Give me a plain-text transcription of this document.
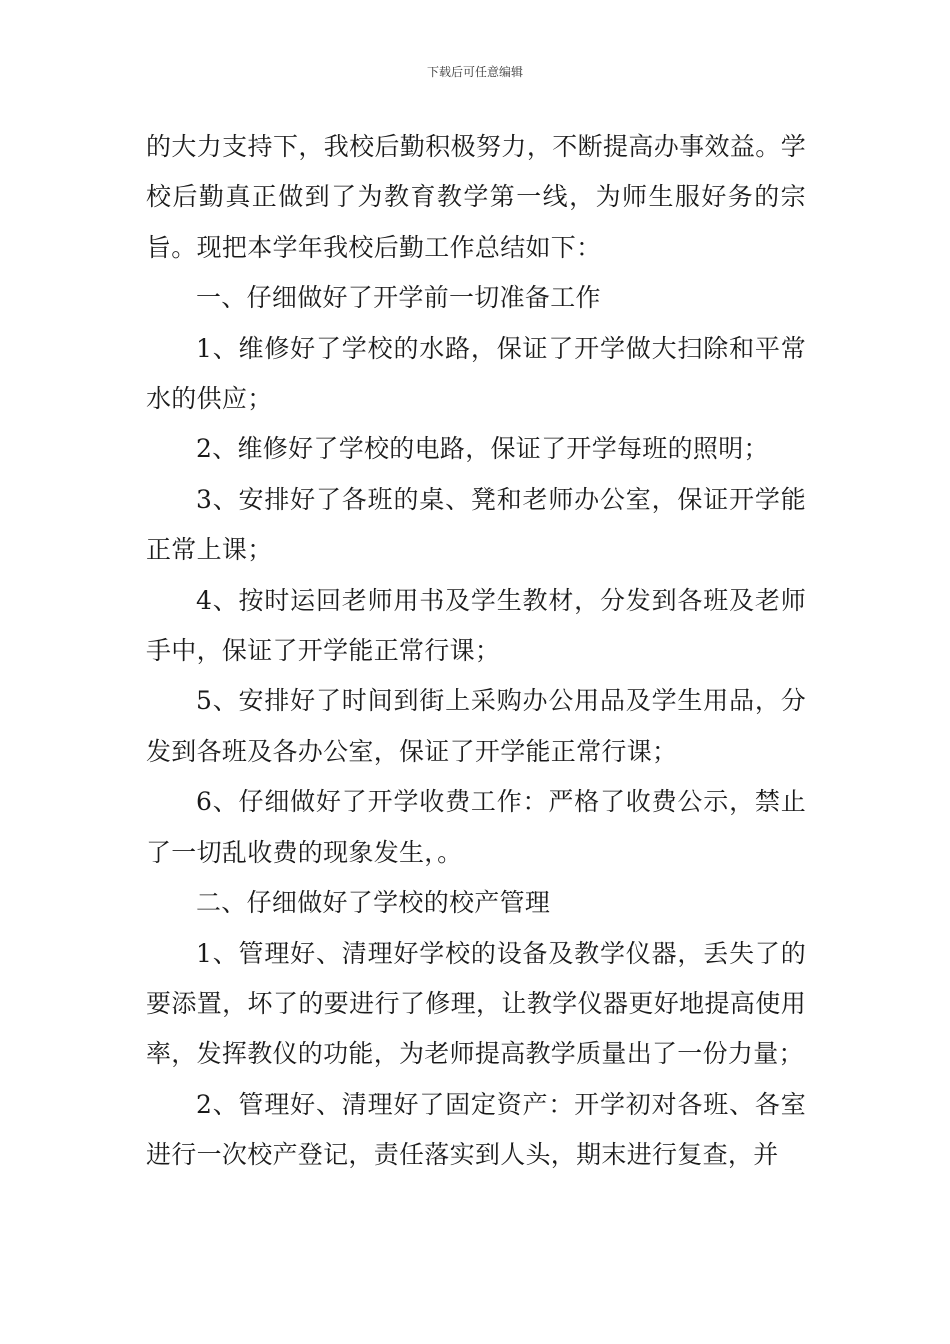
下载后可任意编辑

的大力支持下，我校后勤积极努力，不断提高办事效益。学校后勤真正做到了为教育教学第一线，为师生服好务的宗旨。现把本学年我校后勤工作总结如下：

一、仔细做好了开学前一切准备工作

1、维修好了学校的水路，保证了开学做大扫除和平常水的供应；

2、维修好了学校的电路，保证了开学每班的照明；

3、安排好了各班的桌、凳和老师办公室，保证开学能正常上课；

4、按时运回老师用书及学生教材，分发到各班及老师手中，保证了开学能正常行课；

5、安排好了时间到街上采购办公用品及学生用品，分发到各班及各办公室，保证了开学能正常行课；

6、仔细做好了开学收费工作：严格了收费公示，禁止了一切乱收费的现象发生，。

二、仔细做好了学校的校产管理

1、管理好、清理好学校的设备及教学仪器，丢失了的要添置，坏了的要进行了修理，让教学仪器更好地提高使用率，发挥教仪的功能，为老师提高教学质量出了一份力量；

2、管理好、清理好了固定资产：开学初对各班、各室进行一次校产登记，责任落实到人头，期末进行复查，并
